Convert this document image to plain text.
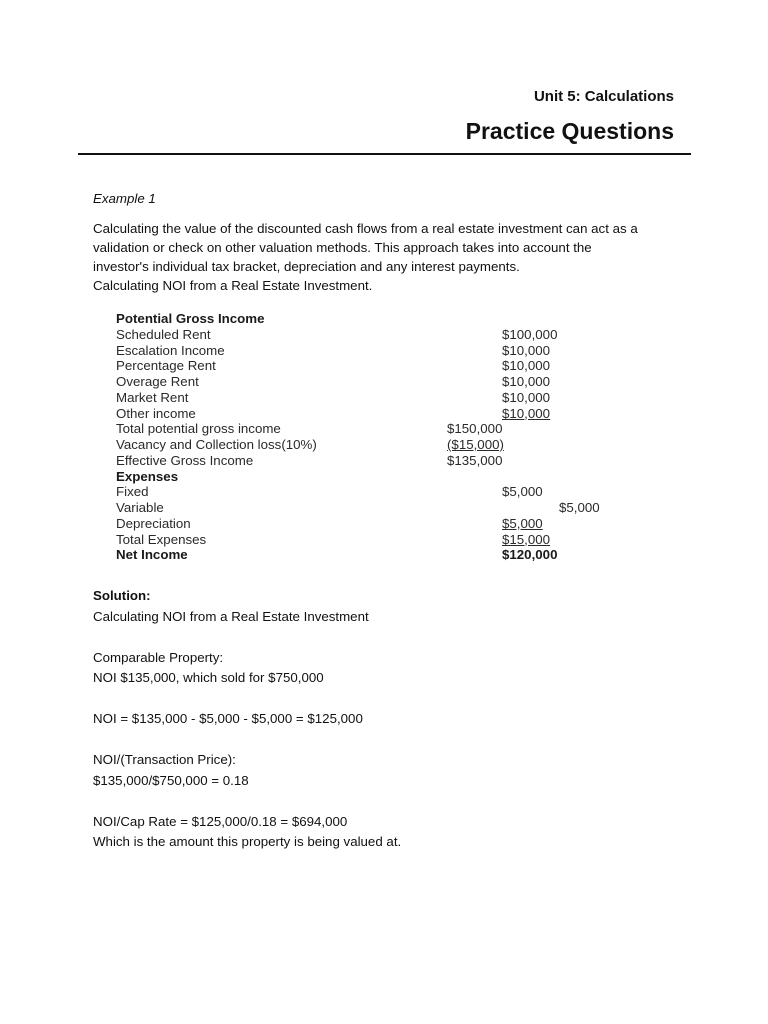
Unit 5: Calculations
Practice Questions
Example 1
Calculating the value of the discounted cash flows from a real estate investment can act as a
validation or check on other valuation methods. This approach takes into account the
investor's individual tax bracket, depreciation and any interest payments.
Calculating NOI from a Real Estate Investment.
Potential Gross Income
Scheduled Rent	$100,000
Escalation Income	$10,000
Percentage Rent	$10,000
Overage Rent	$10,000
Market Rent	$10,000
Other income	$10,000
Total potential gross income	$150,000
Vacancy and Collection loss(10%)	($15,000)
Effective Gross Income	$135,000
Expenses
Fixed	$5,000
Variable	$5,000
Depreciation	$5,000
Total Expenses	$15,000
Net Income	$120,000
Solution:
Calculating NOI from a Real Estate Investment
Comparable Property:
NOI $135,000, which sold for $750,000
NOI = $135,000 - $5,000 - $5,000 = $125,000
NOI/(Transaction Price):
$135,000/$750,000 = 0.18
NOI/Cap Rate = $125,000/0.18 = $694,000
Which is the amount this property is being valued at.
